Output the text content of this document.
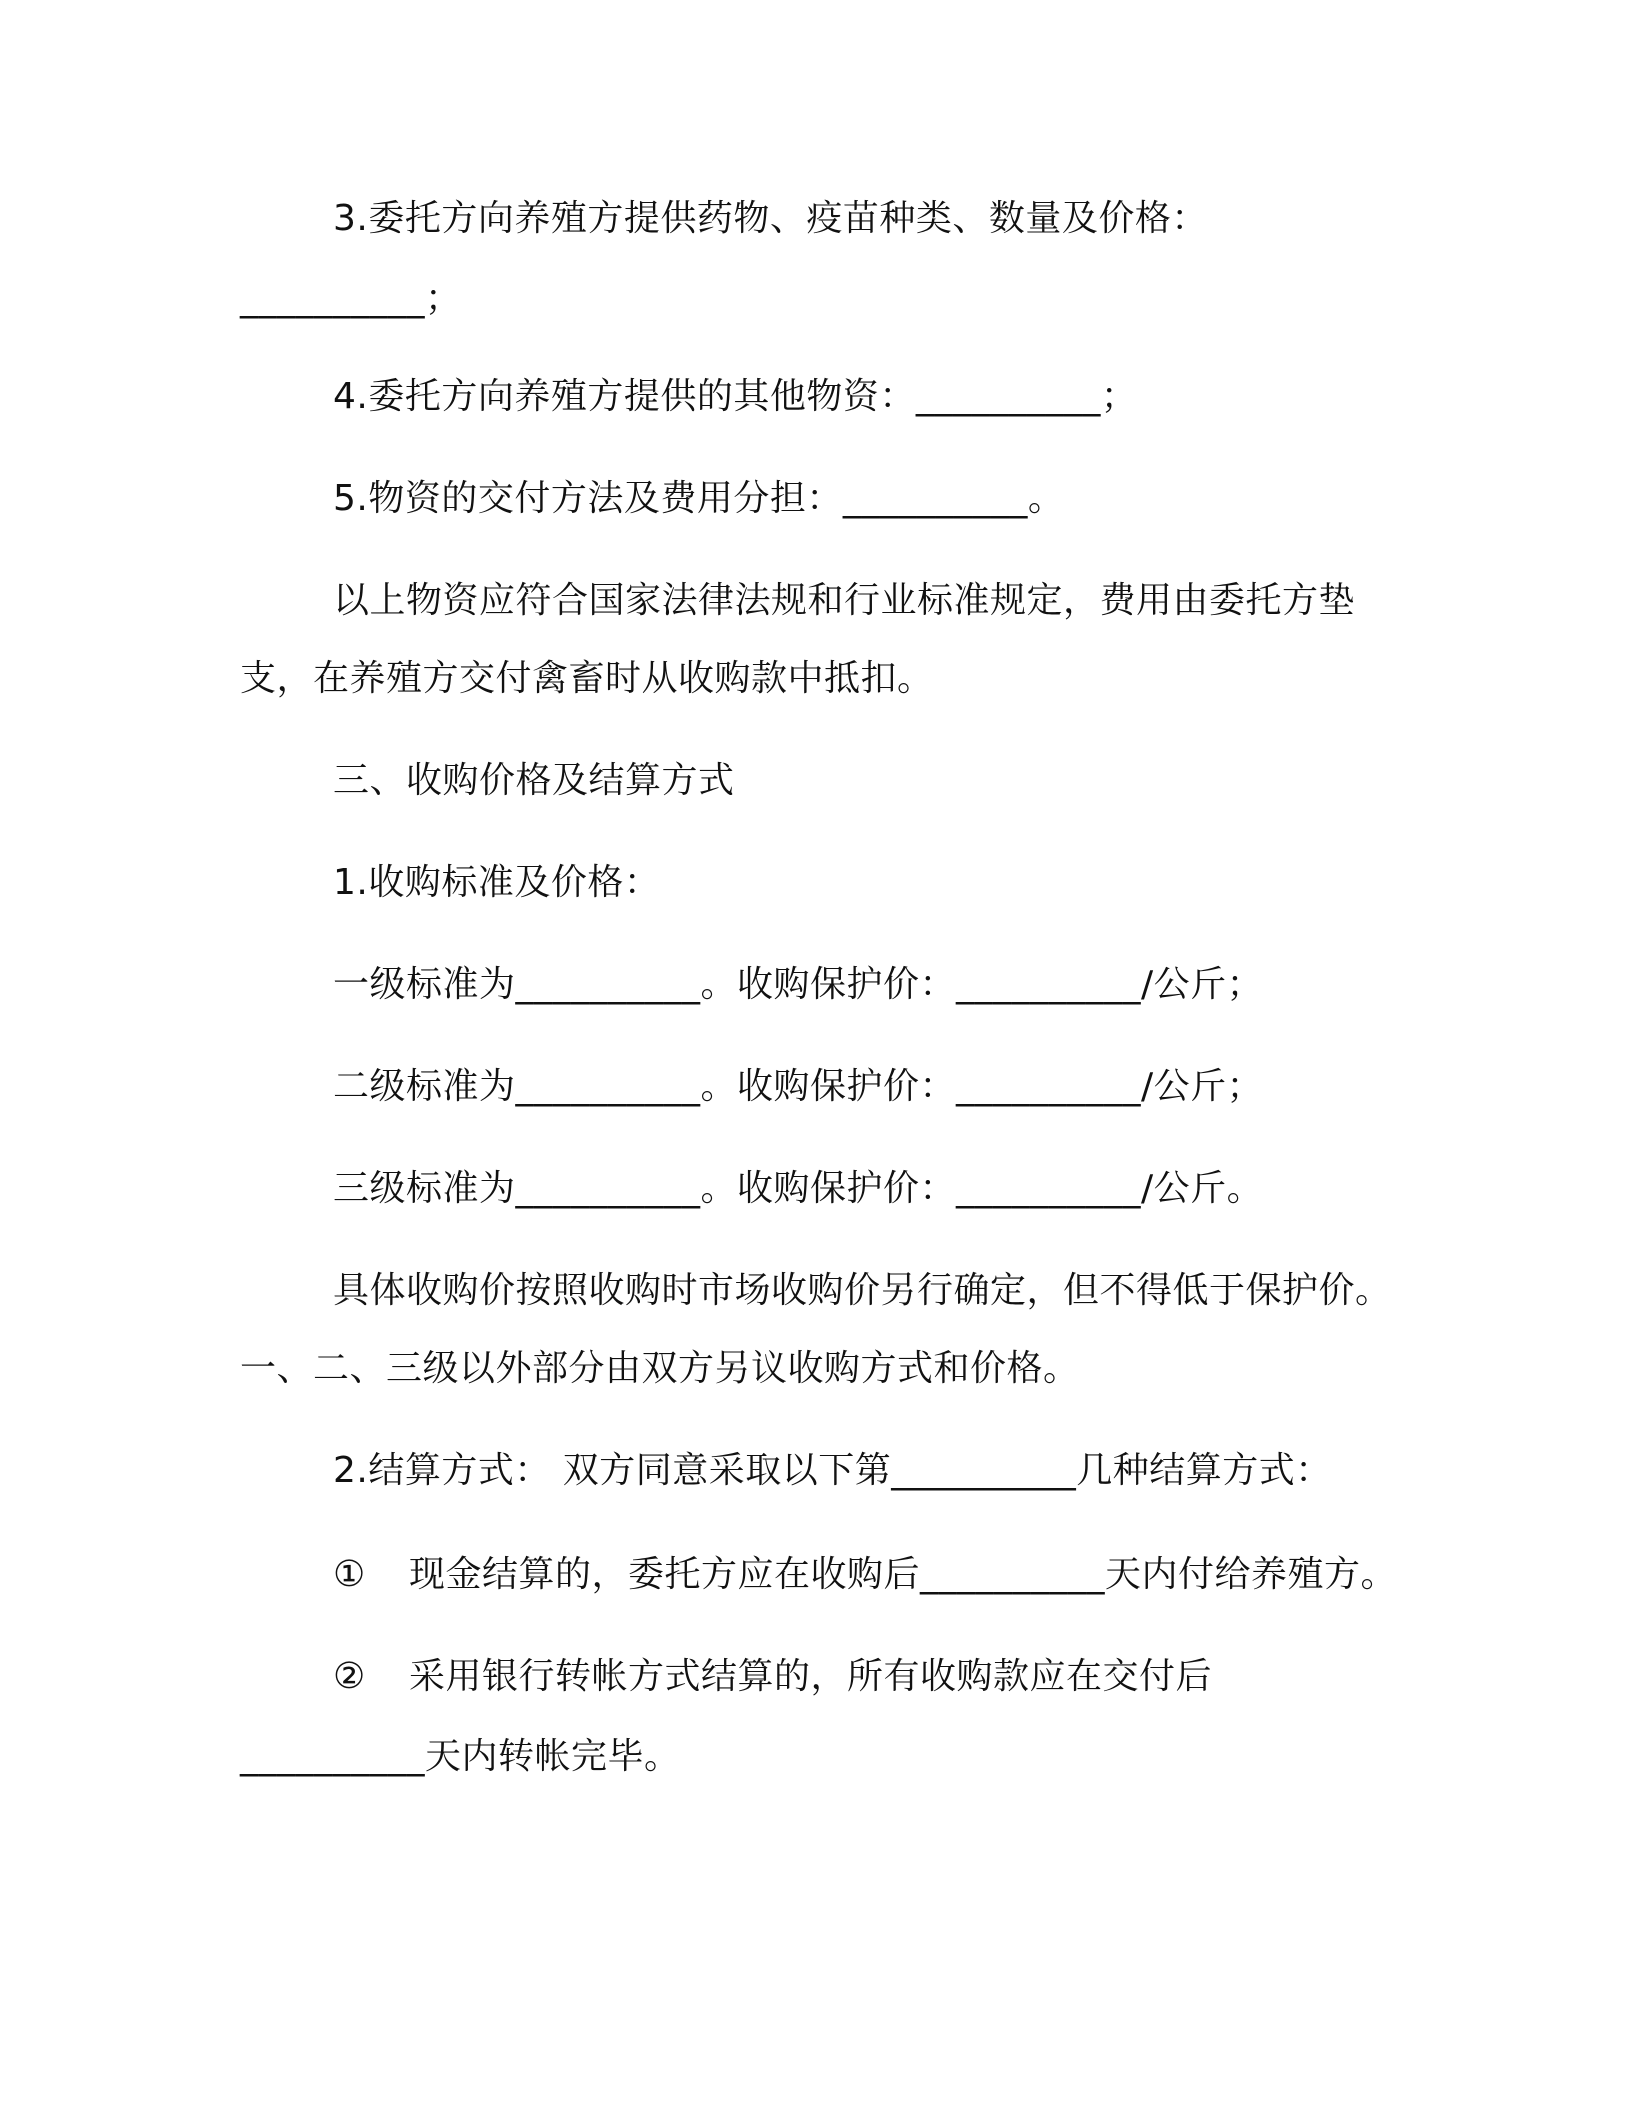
3.委托方向养殖方提供药物、疫苗种类、数量及价格：
__________；
4.委托方向养殖方提供的其他物资：__________；
5.物资的交付方法及费用分担：__________。
以上物资应符合国家法律法规和行业标准规定，费用由委托方垫
支，在养殖方交付禽畜时从收购款中抵扣。
三、收购价格及结算方式
1.收购标准及价格：
一级标准为__________。收购保护价：__________/公斤；
二级标准为__________。收购保护价：__________/公斤；
三级标准为__________。收购保护价：__________/公斤。
具体收购价按照收购时市场收购价另行确定，但不得低于保护价。
一、二、三级以外部分由双方另议收购方式和价格。
2.结算方式： 双方同意采取以下第__________几种结算方式：
① 现金结算的，委托方应在收购后__________天内付给养殖方。
② 采用银行转帐方式结算的，所有收购款应在交付后
__________天内转帐完毕。
